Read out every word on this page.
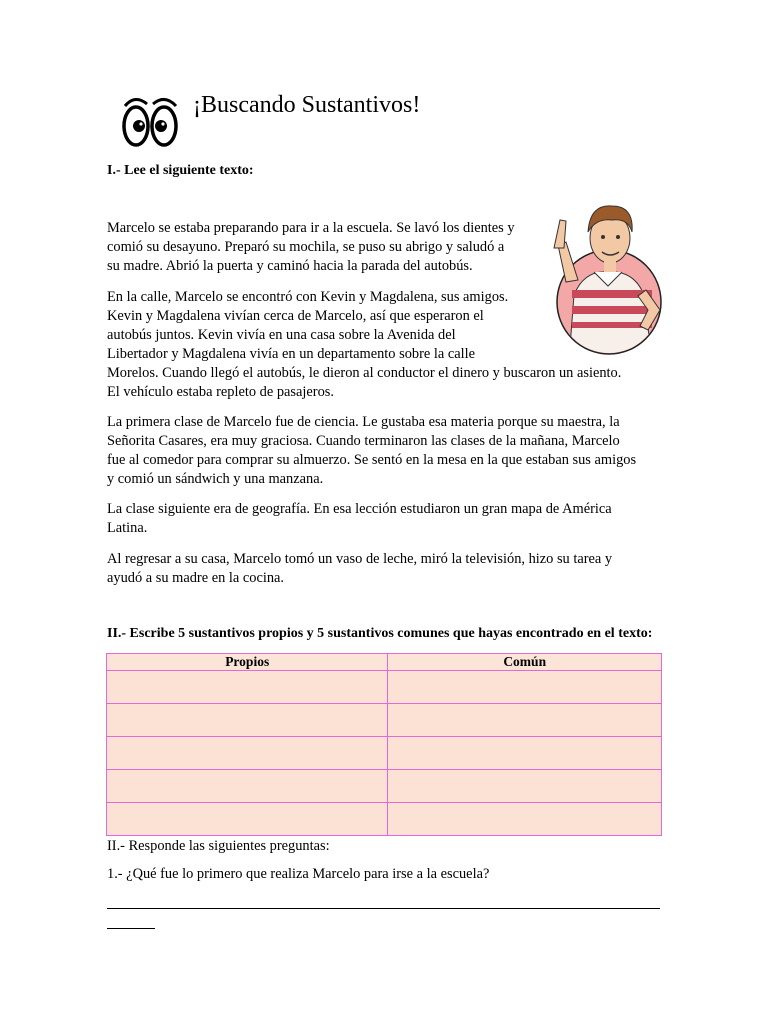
¡Buscando Sustantivos!
I.- Lee el siguiente texto:
Marcelo se estaba preparando para ir a la escuela. Se lavó los dientes y
comió su desayuno. Preparó su mochila, se puso su abrigo y saludó a
su madre. Abrió la puerta y caminó hacia la parada del autobús.
En la calle, Marcelo se encontró con Kevin y Magdalena, sus amigos.
Kevin y Magdalena vivían cerca de Marcelo, así que esperaron el
autobús juntos. Kevin vivía en una casa sobre la Avenida del
Libertador y Magdalena vivía en un departamento sobre la calle
Morelos. Cuando llegó el autobús, le dieron al conductor el dinero y buscaron un asiento.
El vehículo estaba repleto de pasajeros.
La primera clase de Marcelo fue de ciencia. Le gustaba esa materia porque su maestra, la
Señorita Casares, era muy graciosa. Cuando terminaron las clases de la mañana, Marcelo
fue al comedor para comprar su almuerzo. Se sentó en la mesa en la que estaban sus amigos
y comió un sándwich y una manzana.
La clase siguiente era de geografía. En esa lección estudiaron un gran mapa de América
Latina.
Al regresar a su casa, Marcelo tomó un vaso de leche, miró la televisión, hizo su tarea y
ayudó a su madre en la cocina.
II.- Escribe 5 sustantivos propios y 5 sustantivos comunes que hayas encontrado en el texto:
Propios	Común

II.- Responde las siguientes preguntas:
1.- ¿Qué fue lo primero que realiza Marcelo para irse a la escuela?
